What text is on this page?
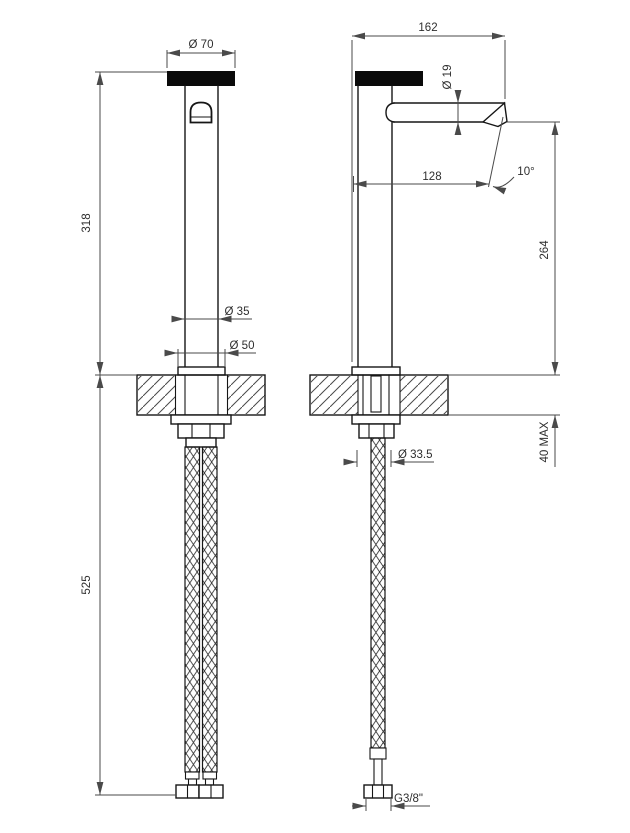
Ø 70
318
525
Ø 35
Ø 50
162
Ø 19
128	10°
264
40 MAX
Ø 33.5
G3/8"
